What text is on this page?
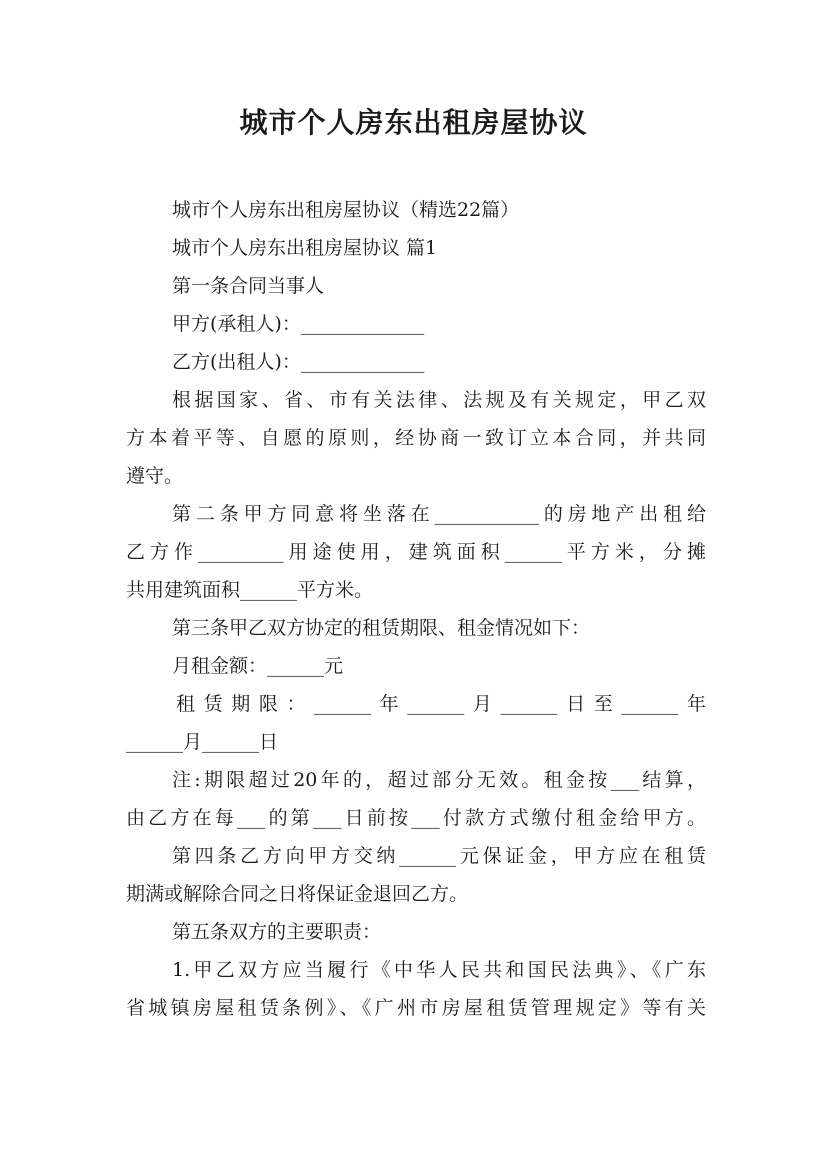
城市个人房东出租房屋协议
城市个人房东出租房屋协议（精选22篇）
城市个人房东出租房屋协议 篇1
第一条合同当事人
甲方(承租人)：_____________
乙方(出租人)：_____________
根据国家、省、市有关法律、法规及有关规定，甲乙双
方本着平等、自愿的原则，经协商一致订立本合同，并共同
遵守。
第二条甲方同意将坐落在___________的房地产出租给
乙方作_________用途使用，建筑面积______平方米，分摊
共用建筑面积______平方米。
第三条甲乙双方协定的租赁期限、租金情况如下：
月租金额：______元
租赁期限：______年______月______日至______年
______月______日
注:期限超过20年的，超过部分无效。租金按___结算，
由乙方在每___的第___日前按___付款方式缴付租金给甲方。
第四条乙方向甲方交纳______元保证金，甲方应在租赁
期满或解除合同之日将保证金退回乙方。
第五条双方的主要职责：
1.甲乙双方应当履行《中华人民共和国民法典》、《广东
省城镇房屋租赁条例》、《广州市房屋租赁管理规定》等有关
